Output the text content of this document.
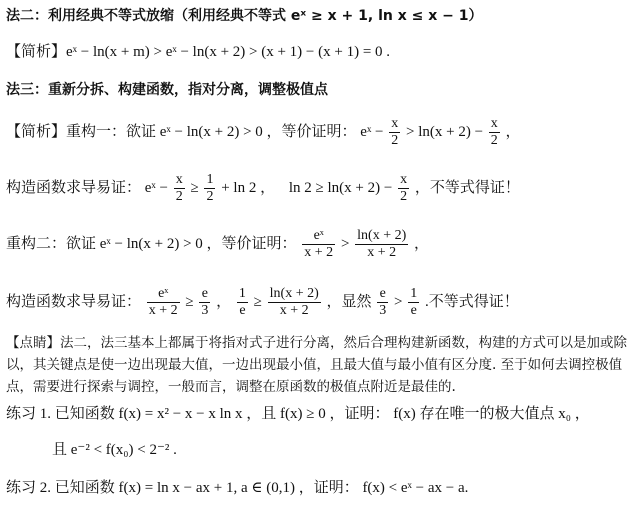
法二：利用经典不等式放缩（利用经典不等式 eˣ ≥ x + 1, ln x ≤ x − 1）
【简析】eˣ − ln(x + m) > eˣ − ln(x + 2) > (x + 1) − (x + 1) = 0 .
法三：重新分拆、构建函数，指对分离，调整极值点
【简析】重构一：欲证 eˣ − ln(x + 2) > 0 ，等价证明： eˣ − $\frac{x}{2} > \ln(x + 2) - \frac{x}{2}$ ，
构造函数求导易证： eˣ − $\frac{x}{2} \ge \frac{1}{2} + \ln 2$ ， $\ln 2 \ge \ln(x + 2) - \frac{x}{2}$ ，不等式得证！
重构二：欲证 eˣ − ln(x + 2) > 0 ，等价证明： $\frac{\text{eˣ}}{x + 2} > \frac{\ln(x + 2)}{x + 2}$ ，
构造函数求导易证： $\frac{\text{eˣ}}{x + 2} \ge \frac{e}{3}$ ， $\frac{1}{e} \ge \frac{\ln(x + 2)}{x + 2}$ ，显然 $\frac{e}{3} > \frac{1}{e}$ .不等式得证！
【点睛】法二，法三基本上都属于将指对式子进行分离，然后合理构建新函数，构建的方式可以是加或除以，其关键点是使一边出现最大值，一边出现最小值，且最大值与最小值有区分度. 至于如何去调控极值点，需要进行探索与调控，一般而言，调整在原函数的极值点附近是最佳的.
练习 1. 已知函数 f(x) = x² − x − x ln x ，且 f(x) ≥ 0 ，证明： f(x) 存在唯一的极大值点 x₀ ，
且 e⁻² < f(x₀) < 2⁻² .
练习 2. 已知函数 f(x) = ln x − ax + 1, a ∈ (0,1) ，证明： f(x) < eˣ − ax − a.
